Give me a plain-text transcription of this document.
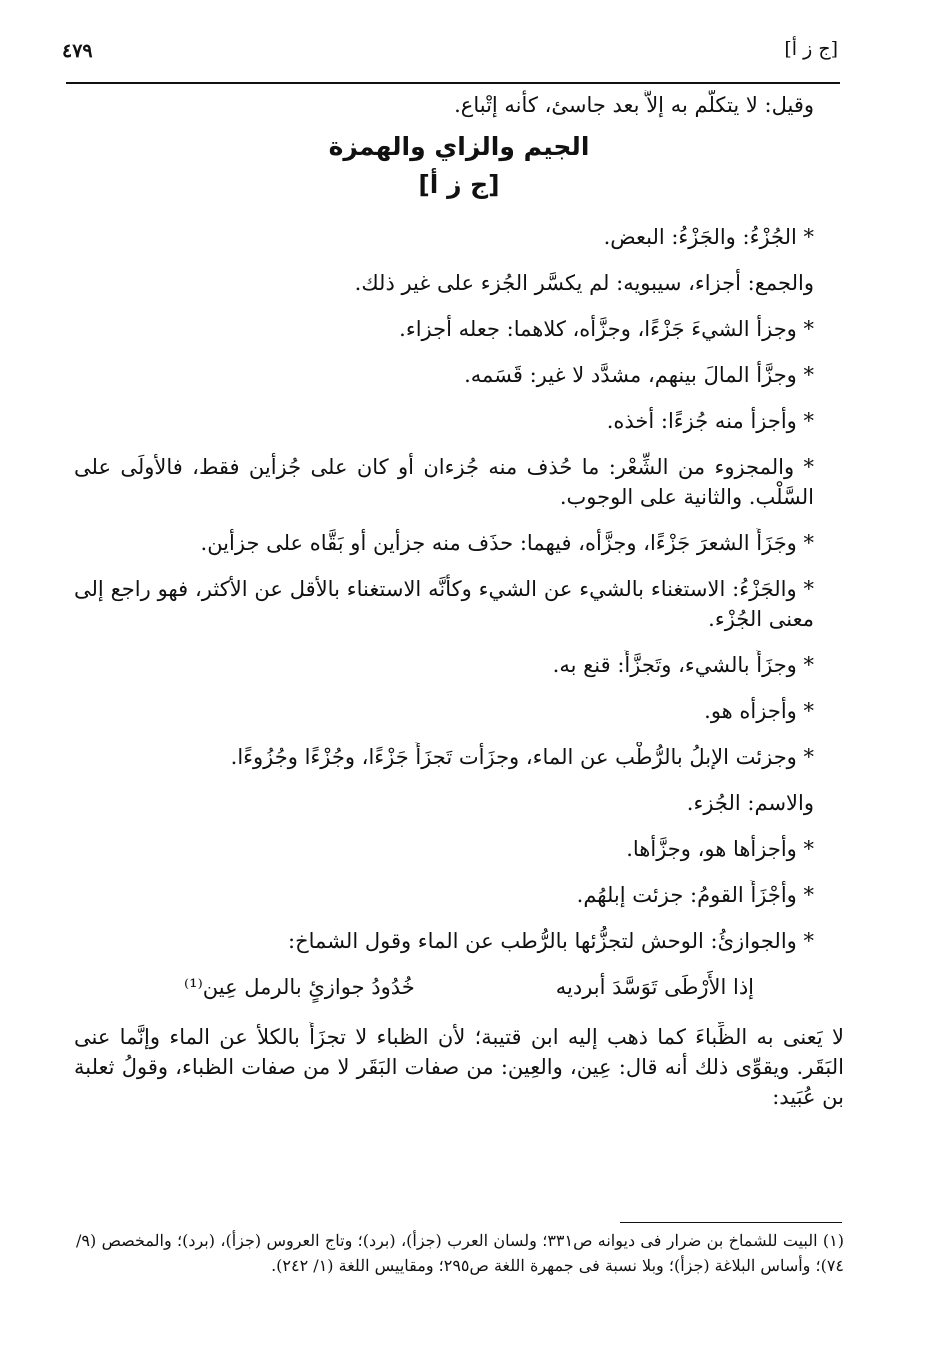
٤٧٩	[ج ز أ]

وقيل: لا يتكلَّم به إلاَّ بعد جاسئ، كأنه إتْباع.

الجيم والزاي والهمزة
[ج ز أ]

* الجُزْءُ: والجَزْءُ: البعض.

والجمع: أجزاء، سيبويه: لم يكسَّر الجُزء على غير ذلك.

* وجزأ الشيءَ جَزْءًا، وجزَّأه، كلاهما: جعله أجزاء.

* وجزَّأ المالَ بينهم، مشدَّد لا غير: قَسَمه.

* وأجزأ منه جُزءًا: أخذه.

* والمجزوء من الشِّعْر: ما حُذف منه جُزءان أو كان على جُزأين فقط، فالأولَى على السَّلْب. والثانية على الوجوب.

* وجَزَأَ الشعرَ جَزْءًا، وجزَّأه، فيهما: حذَف منه جزأين أو بَقَّاه على جزأين.

* والجَزْءُ: الاستغناء بالشيء عن الشيء وكأنَّه الاستغناء بالأقل عن الأكثر، فهو راجع إلى معنى الجُزْء.

* وجزَأَ بالشيء، وتَجزَّأَ: قنع به.

* وأجزأه هو.

* وجزئت الإبلُ بالرُّطْب عن الماء، وجزَأت تَجزَأُ جَزْءًا، وجُزْءًا وجُزُوءًا.

والاسم: الجُزء.

* وأجزأها هو، وجزَّأها.

* وأجْزَأَ القومُ: جزئت إبلهُم.

* والجوازئُ: الوحش لتجزُّئها بالرُّطب عن الماء وقول الشماخ:

إذا الأَرْطَى تَوَسَّدَ أبرديه
خُدُودُ جوازئٍ بالرمل عِين⁽¹⁾

لا يَعنى به الظِّباءَ كما ذهب إليه ابن قتيبة؛ لأن الظباء لا تجزَأُ بالكلأ عن الماء وإنَّما عنى البَقَر. ويقوِّى ذلك أنه قال: عِين، والعِين: من صفات البَقَر لا من صفات الظباء، وقولُ ثعلبة بن عُبَيد:

(١) البيت للشماخ بن ضرار فى ديوانه ص٣٣١؛ ولسان العرب (جزأ)، (برد)؛ وتاج العروس (جزأ)، (برد)؛ والمخصص (٩/ ٧٤)؛ وأساس البلاغة (جزأ)؛ وبلا نسبة فى جمهرة اللغة ص٢٩٥؛ ومقاييس اللغة (١/ ٢٤٢).
